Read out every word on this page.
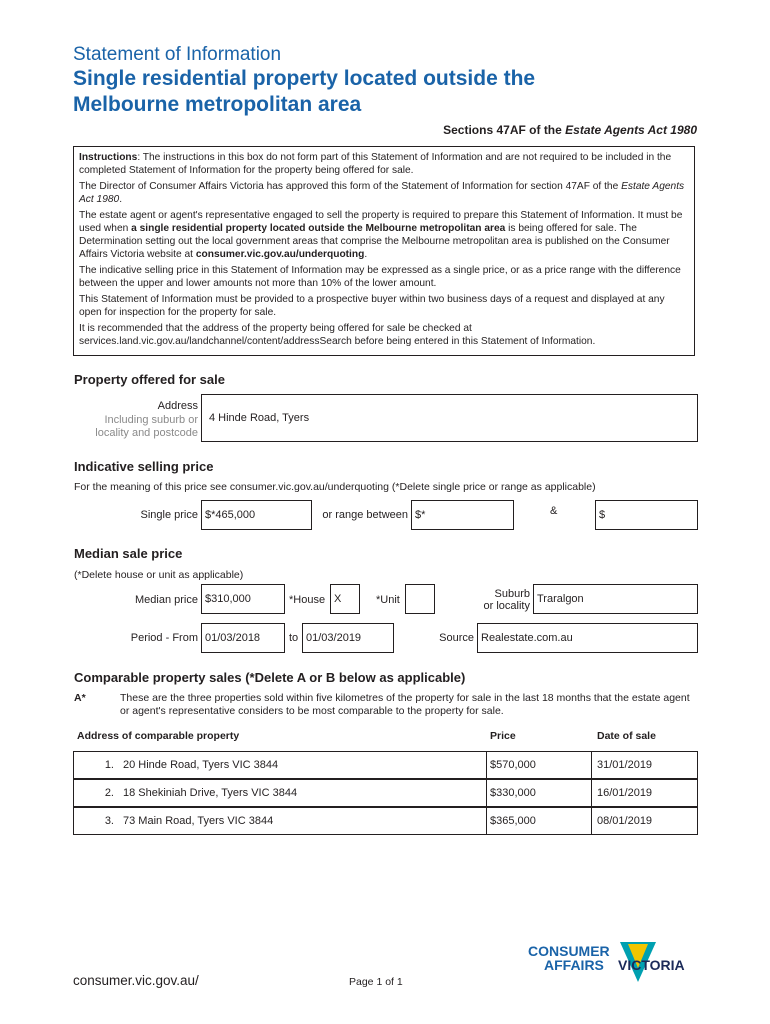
Statement of Information
Single residential property located outside the
Melbourne metropolitan area
Sections 47AF of the Estate Agents Act 1980

Instructions: The instructions in this box do not form part of this Statement of Information and are not required to be included in the completed Statement of Information for the property being offered for sale.

The Director of Consumer Affairs Victoria has approved this form of the Statement of Information for section 47AF of the Estate Agents Act 1980.

The estate agent or agent's representative engaged to sell the property is required to prepare this Statement of Information. It must be used when a single residential property located outside the Melbourne metropolitan area is being offered for sale. The Determination setting out the local government areas that comprise the Melbourne metropolitan area is published on the Consumer Affairs Victoria website at consumer.vic.gov.au/underquoting.

The indicative selling price in this Statement of Information may be expressed as a single price, or as a price range with the difference between the upper and lower amounts not more than 10% of the lower amount.

This Statement of Information must be provided to a prospective buyer within two business days of a request and displayed at any open for inspection for the property for sale.

It is recommended that the address of the property being offered for sale be checked at services.land.vic.gov.au/landchannel/content/addressSearch before being entered in this Statement of Information.

Property offered for sale
Address
Including suburb or
locality and postcode
4 Hinde Road, Tyers
Indicative selling price
For the meaning of this price see consumer.vic.gov.au/underquoting (*Delete single price or range as applicable)
Single price $*465,000	or range between $*	&	$
Median sale price
(*Delete house or unit as applicable)
Median price $310,000	*House X	*Unit	Suburb
or locality
Traralgon
Period - From 01/03/2018	to 01/03/2019	Source Realestate.com.au
Comparable property sales (*Delete A or B below as applicable)
A*	These are the three properties sold within five kilometres of the property for sale in the last 18 months that the estate agent or agent's representative considers to be most comparable to the property for sale.
Address of comparable property	Price	Date of sale
1. 20 Hinde Road, Tyers VIC 3844	$570,000	31/01/2019
2. 18 Shekiniah Drive, Tyers VIC 3844	$330,000	16/01/2019
3. 73 Main Road, Tyers VIC 3844	$365,000	08/01/2019
consumer.vic.gov.au/	Page 1 of 1
CONSUMER
AFFAIRS VICTORIA
